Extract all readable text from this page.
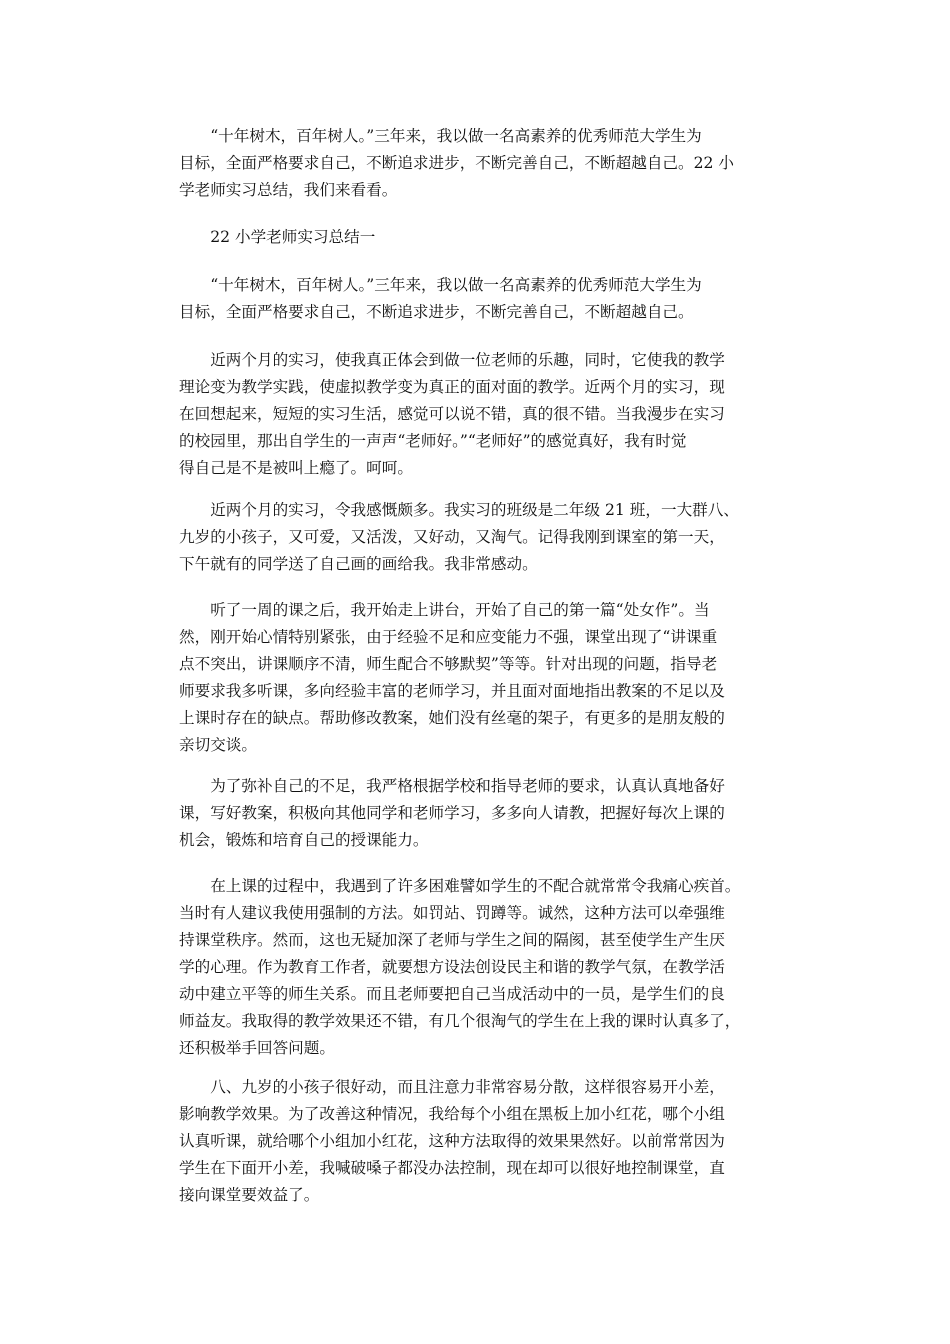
“十年树木，百年树人。”三年来，我以做一名高素养的优秀师范大学生为
目标，全面严格要求自己，不断追求进步，不断完善自己，不断超越自己。22 小
学老师实习总结，我们来看看。
22 小学老师实习总结一
“十年树木，百年树人。”三年来，我以做一名高素养的优秀师范大学生为
目标，全面严格要求自己，不断追求进步，不断完善自己，不断超越自己。
近两个月的实习，使我真正体会到做一位老师的乐趣，同时，它使我的教学
理论变为教学实践，使虚拟教学变为真正的面对面的教学。近两个月的实习，现
在回想起来，短短的实习生活，感觉可以说不错，真的很不错。当我漫步在实习
的校园里，那出自学生的一声声“老师好。”“老师好”的感觉真好，我有时觉
得自己是不是被叫上瘾了。呵呵。
近两个月的实习，令我感慨颇多。我实习的班级是二年级 21 班，一大群八、
九岁的小孩子，又可爱，又活泼，又好动，又淘气。记得我刚到课室的第一天，
下午就有的同学送了自己画的画给我。我非常感动。
听了一周的课之后，我开始走上讲台，开始了自己的第一篇“处女作”。当
然，刚开始心情特别紧张，由于经验不足和应变能力不强，课堂出现了“讲课重
点不突出，讲课顺序不清，师生配合不够默契”等等。针对出现的问题，指导老
师要求我多听课，多向经验丰富的老师学习，并且面对面地指出教案的不足以及
上课时存在的缺点。帮助修改教案，她们没有丝毫的架子，有更多的是朋友般的
亲切交谈。
为了弥补自己的不足，我严格根据学校和指导老师的要求，认真认真地备好
课，写好教案，积极向其他同学和老师学习，多多向人请教，把握好每次上课的
机会，锻炼和培育自己的授课能力。
在上课的过程中，我遇到了许多困难譬如学生的不配合就常常令我痛心疾首。
当时有人建议我使用强制的方法。如罚站、罚蹲等。诚然，这种方法可以牵强维
持课堂秩序。然而，这也无疑加深了老师与学生之间的隔阂，甚至使学生产生厌
学的心理。作为教育工作者，就要想方设法创设民主和谐的教学气氛，在教学活
动中建立平等的师生关系。而且老师要把自己当成活动中的一员，是学生们的良
师益友。我取得的教学效果还不错，有几个很淘气的学生在上我的课时认真多了，
还积极举手回答问题。
八、九岁的小孩子很好动，而且注意力非常容易分散，这样很容易开小差，
影响教学效果。为了改善这种情况，我给每个小组在黑板上加小红花，哪个小组
认真听课，就给哪个小组加小红花，这种方法取得的效果果然好。以前常常因为
学生在下面开小差，我喊破嗓子都没办法控制，现在却可以很好地控制课堂，直
接向课堂要效益了。
